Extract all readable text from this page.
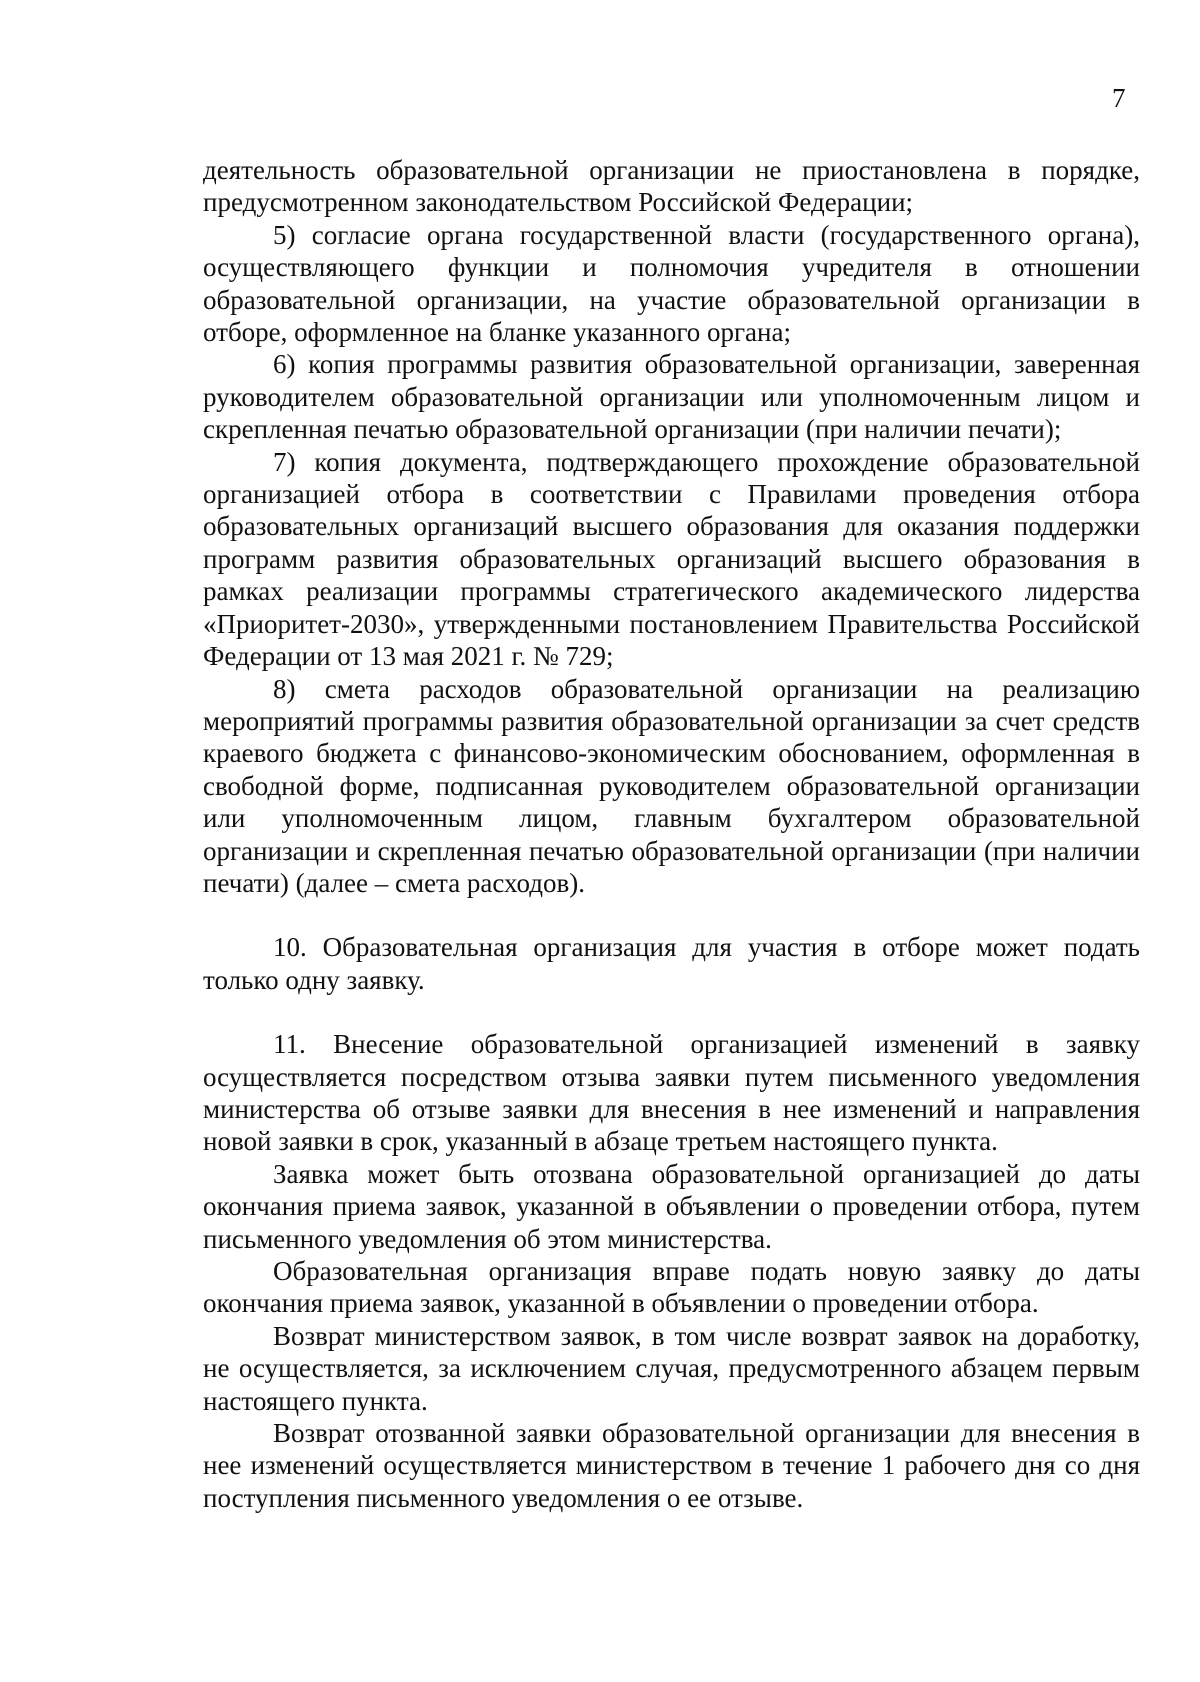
7

деятельность образовательной организации не приостановлена в порядке, предусмотренном законодательством Российской Федерации;

5) согласие органа государственной власти (государственного органа), осуществляющего функции и полномочия учредителя в отношении образовательной организации, на участие образовательной организации в отборе, оформленное на бланке указанного органа;

6) копия программы развития образовательной организации, заверенная руководителем образовательной организации или уполномоченным лицом и скрепленная печатью образовательной организации (при наличии печати);

7) копия документа, подтверждающего прохождение образовательной организацией отбора в соответствии с Правилами проведения отбора образовательных организаций высшего образования для оказания поддержки программ развития образовательных организаций высшего образования в рамках реализации программы стратегического академического лидерства «Приоритет-2030», утвержденными постановлением Правительства Российской Федерации от 13 мая 2021 г. № 729;

8) смета расходов образовательной организации на реализацию мероприятий программы развития образовательной организации за счет средств краевого бюджета с финансово-экономическим обоснованием, оформленная в свободной форме, подписанная руководителем образовательной организации или уполномоченным лицом, главным бухгалтером образовательной организации и скрепленная печатью образовательной организации (при наличии печати) (далее – смета расходов).

10. Образовательная организация для участия в отборе может подать только одну заявку.

11. Внесение образовательной организацией изменений в заявку осуществляется посредством отзыва заявки путем письменного уведомления министерства об отзыве заявки для внесения в нее изменений и направления новой заявки в срок, указанный в абзаце третьем настоящего пункта.

Заявка может быть отозвана образовательной организацией до даты окончания приема заявок, указанной в объявлении о проведении отбора, путем письменного уведомления об этом министерства.

Образовательная организация вправе подать новую заявку до даты окончания приема заявок, указанной в объявлении о проведении отбора.

Возврат министерством заявок, в том числе возврат заявок на доработку, не осуществляется, за исключением случая, предусмотренного абзацем первым настоящего пункта.

Возврат отозванной заявки образовательной организации для внесения в нее изменений осуществляется министерством в течение 1 рабочего дня со дня поступления письменного уведомления о ее отзыве.
